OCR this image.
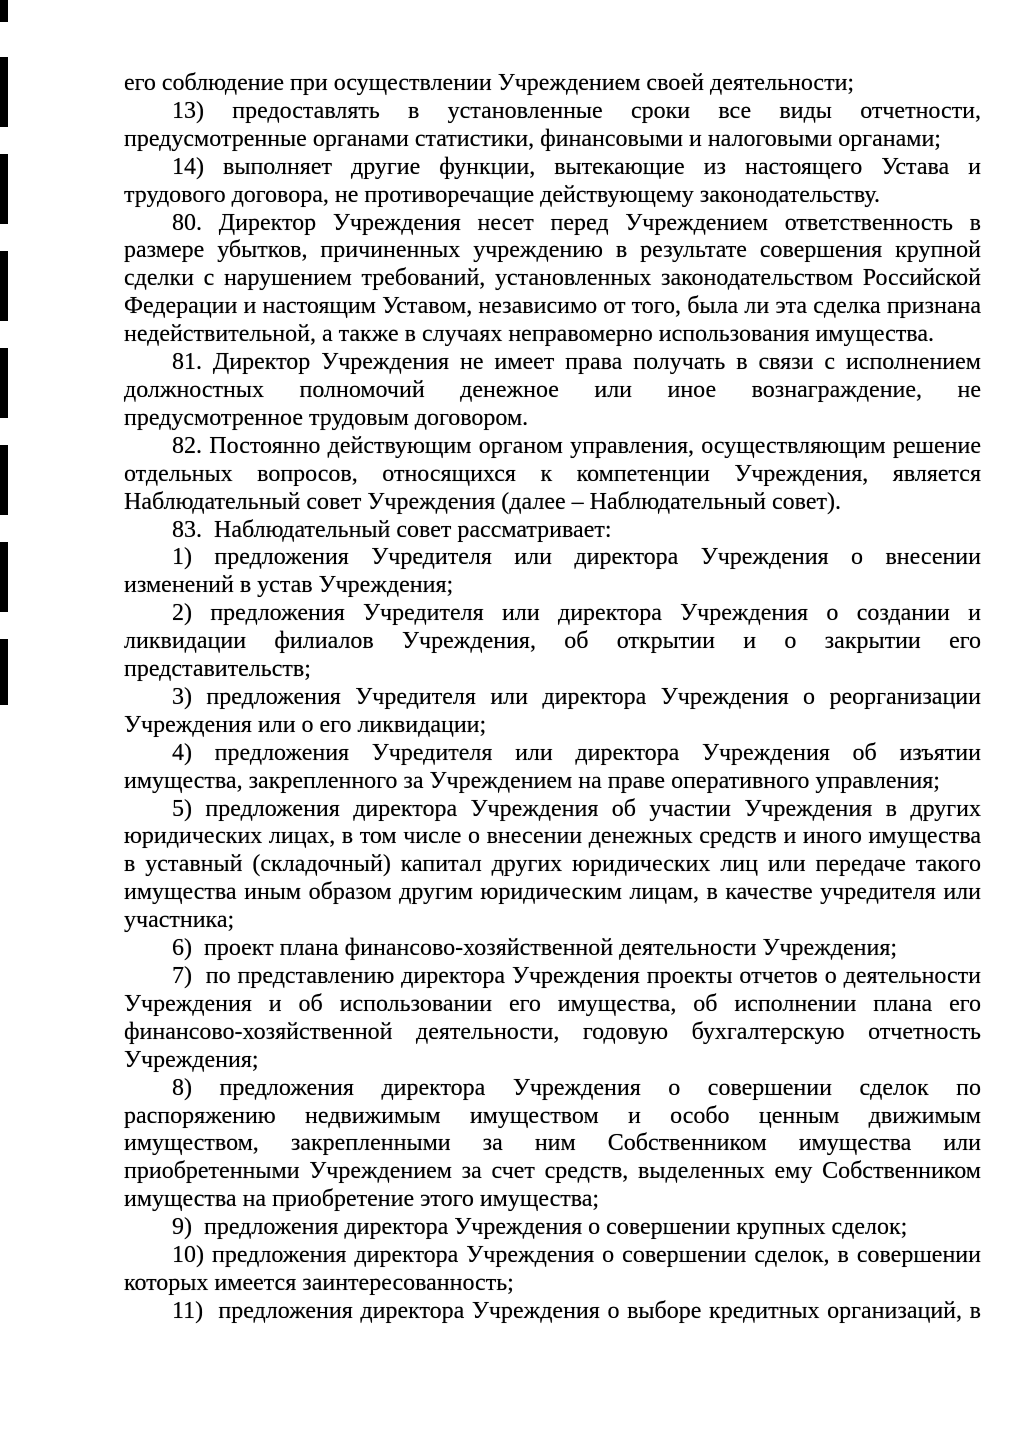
его соблюдение при осуществлении Учреждением своей деятельности;

13) предоставлять в установленные сроки все виды отчетности, предусмотренные органами статистики, финансовыми и налоговыми органами;

14) выполняет другие функции, вытекающие из настоящего Устава и трудового договора, не противоречащие действующему законодательству.

80. Директор Учреждения несет перед Учреждением ответственность в размере убытков, причиненных учреждению в результате совершения крупной сделки с нарушением требований, установленных законодательством Российской Федерации и настоящим Уставом, независимо от того, была ли эта сделка признана недействительной, а также в случаях неправомерно использования имущества.

81. Директор Учреждения не имеет права получать в связи с исполнением должностных полномочий денежное или иное вознаграждение, не предусмотренное трудовым договором.

82. Постоянно действующим органом управления, осуществляющим решение отдельных вопросов, относящихся к компетенции Учреждения, является Наблюдательный совет Учреждения (далее – Наблюдательный совет).

83.  Наблюдательный совет рассматривает:

1) предложения Учредителя или директора Учреждения о внесении изменений в устав Учреждения;

2) предложения Учредителя или директора Учреждения о создании и ликвидации филиалов Учреждения, об открытии и о закрытии его представительств;

3) предложения Учредителя или директора Учреждения о реорганизации Учреждения или о его ликвидации;

4) предложения Учредителя или директора Учреждения об изъятии имущества, закрепленного за Учреждением на праве оперативного управления;

5) предложения директора Учреждения об участии Учреждения в других юридических лицах, в том числе о внесении денежных средств и иного имущества в уставный (складочный) капитал других юридических лиц или передаче такого имущества иным образом другим юридическим лицам, в качестве учредителя или участника;

6)  проект плана финансово-хозяйственной деятельности Учреждения;

7)  по представлению директора Учреждения проекты отчетов о деятельности Учреждения и об использовании его имущества, об исполнении плана его финансово-хозяйственной деятельности, годовую бухгалтерскую отчетность Учреждения;

8) предложения директора Учреждения о совершении сделок по распоряжению недвижимым имуществом и особо ценным движимым имуществом, закрепленными за ним Собственником имущества или приобретенными Учреждением за счет средств, выделенных ему Собственником имущества на приобретение этого имущества;

9)  предложения директора Учреждения о совершении крупных сделок;

10) предложения директора Учреждения о совершении сделок, в совершении которых имеется заинтересованность;

11)  предложения директора Учреждения о выборе кредитных организаций, в
